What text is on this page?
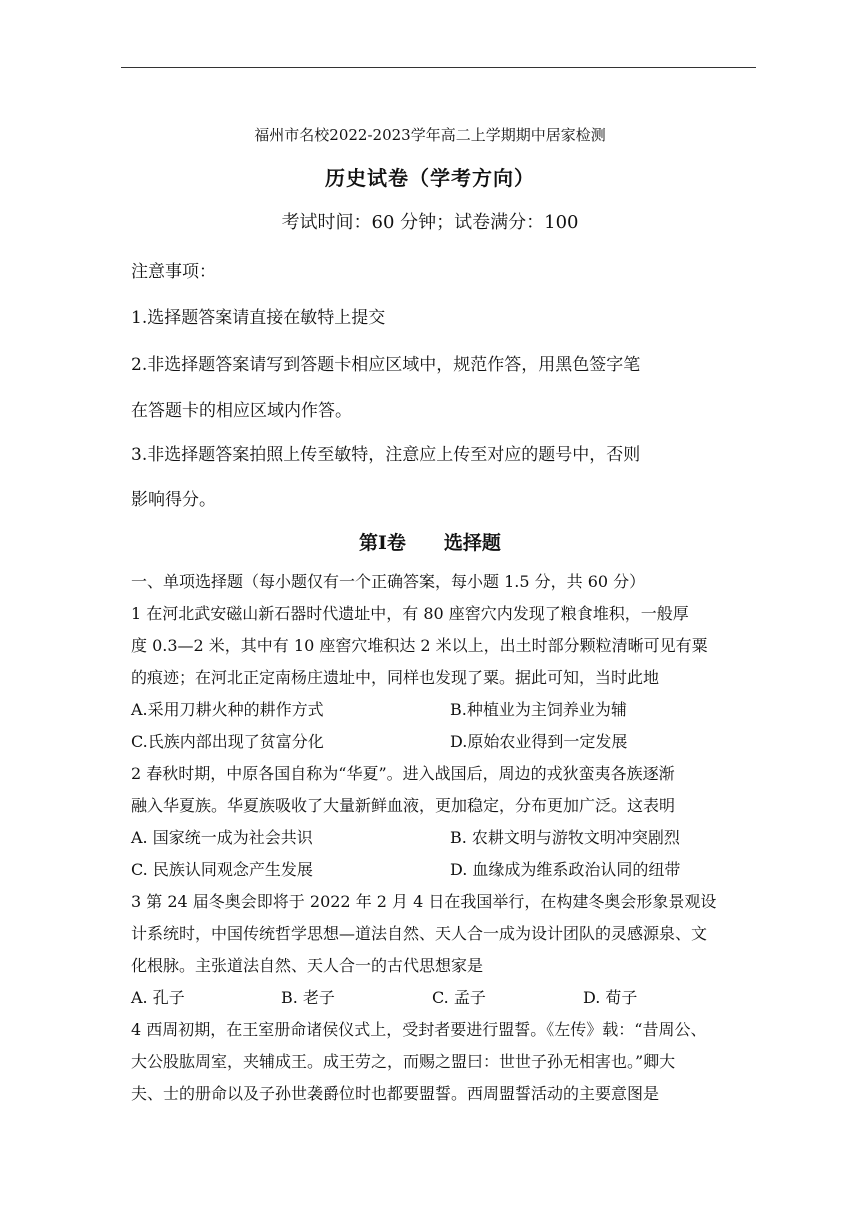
福州市名校2022-2023学年高二上学期期中居家检测
历史试卷（学考方向）
考试时间：60 分钟；试卷满分：100
注意事项：
1.选择题答案请直接在敏特上提交
2.非选择题答案请写到答题卡相应区域中，规范作答，用黑色签字笔
在答题卡的相应区域内作答。
3.非选择题答案拍照上传至敏特，注意应上传至对应的题号中，否则
影响得分。
第Ⅰ卷　　选择题
一、单项选择题（每小题仅有一个正确答案，每小题 1.5 分，共 60 分）
1 在河北武安磁山新石器时代遗址中，有 80 座窖穴内发现了粮食堆积，一般厚
度 0.3—2 米，其中有 10 座窖穴堆积达 2 米以上，出土时部分颗粒清晰可见有粟
的痕迹；在河北正定南杨庄遗址中，同样也发现了粟。据此可知，当时此地
A.采用刀耕火种的耕作方式	B.种植业为主饲养业为辅
C.氏族内部出现了贫富分化	D.原始农业得到一定发展
2 春秋时期，中原各国自称为“华夏”。进入战国后，周边的戎狄蛮夷各族逐渐
融入华夏族。华夏族吸收了大量新鲜血液，更加稳定，分布更加广泛。这表明
A. 国家统一成为社会共识	B. 农耕文明与游牧文明冲突剧烈
C. 民族认同观念产生发展	D. 血缘成为维系政治认同的纽带
3 第 24 届冬奥会即将于 2022 年 2 月 4 日在我国举行，在构建冬奥会形象景观设
计系统时，中国传统哲学思想—道法自然、天人合一成为设计团队的灵感源泉、文
化根脉。主张道法自然、天人合一的古代思想家是
A. 孔子	B. 老子	C. 孟子	D. 荀子
4 西周初期，在王室册命诸侯仪式上，受封者要进行盟誓。《左传》载：“昔周公、
大公股肱周室，夹辅成王。成王劳之，而赐之盟曰：世世子孙无相害也。”卿大
夫、士的册命以及子孙世袭爵位时也都要盟誓。西周盟誓活动的主要意图是
